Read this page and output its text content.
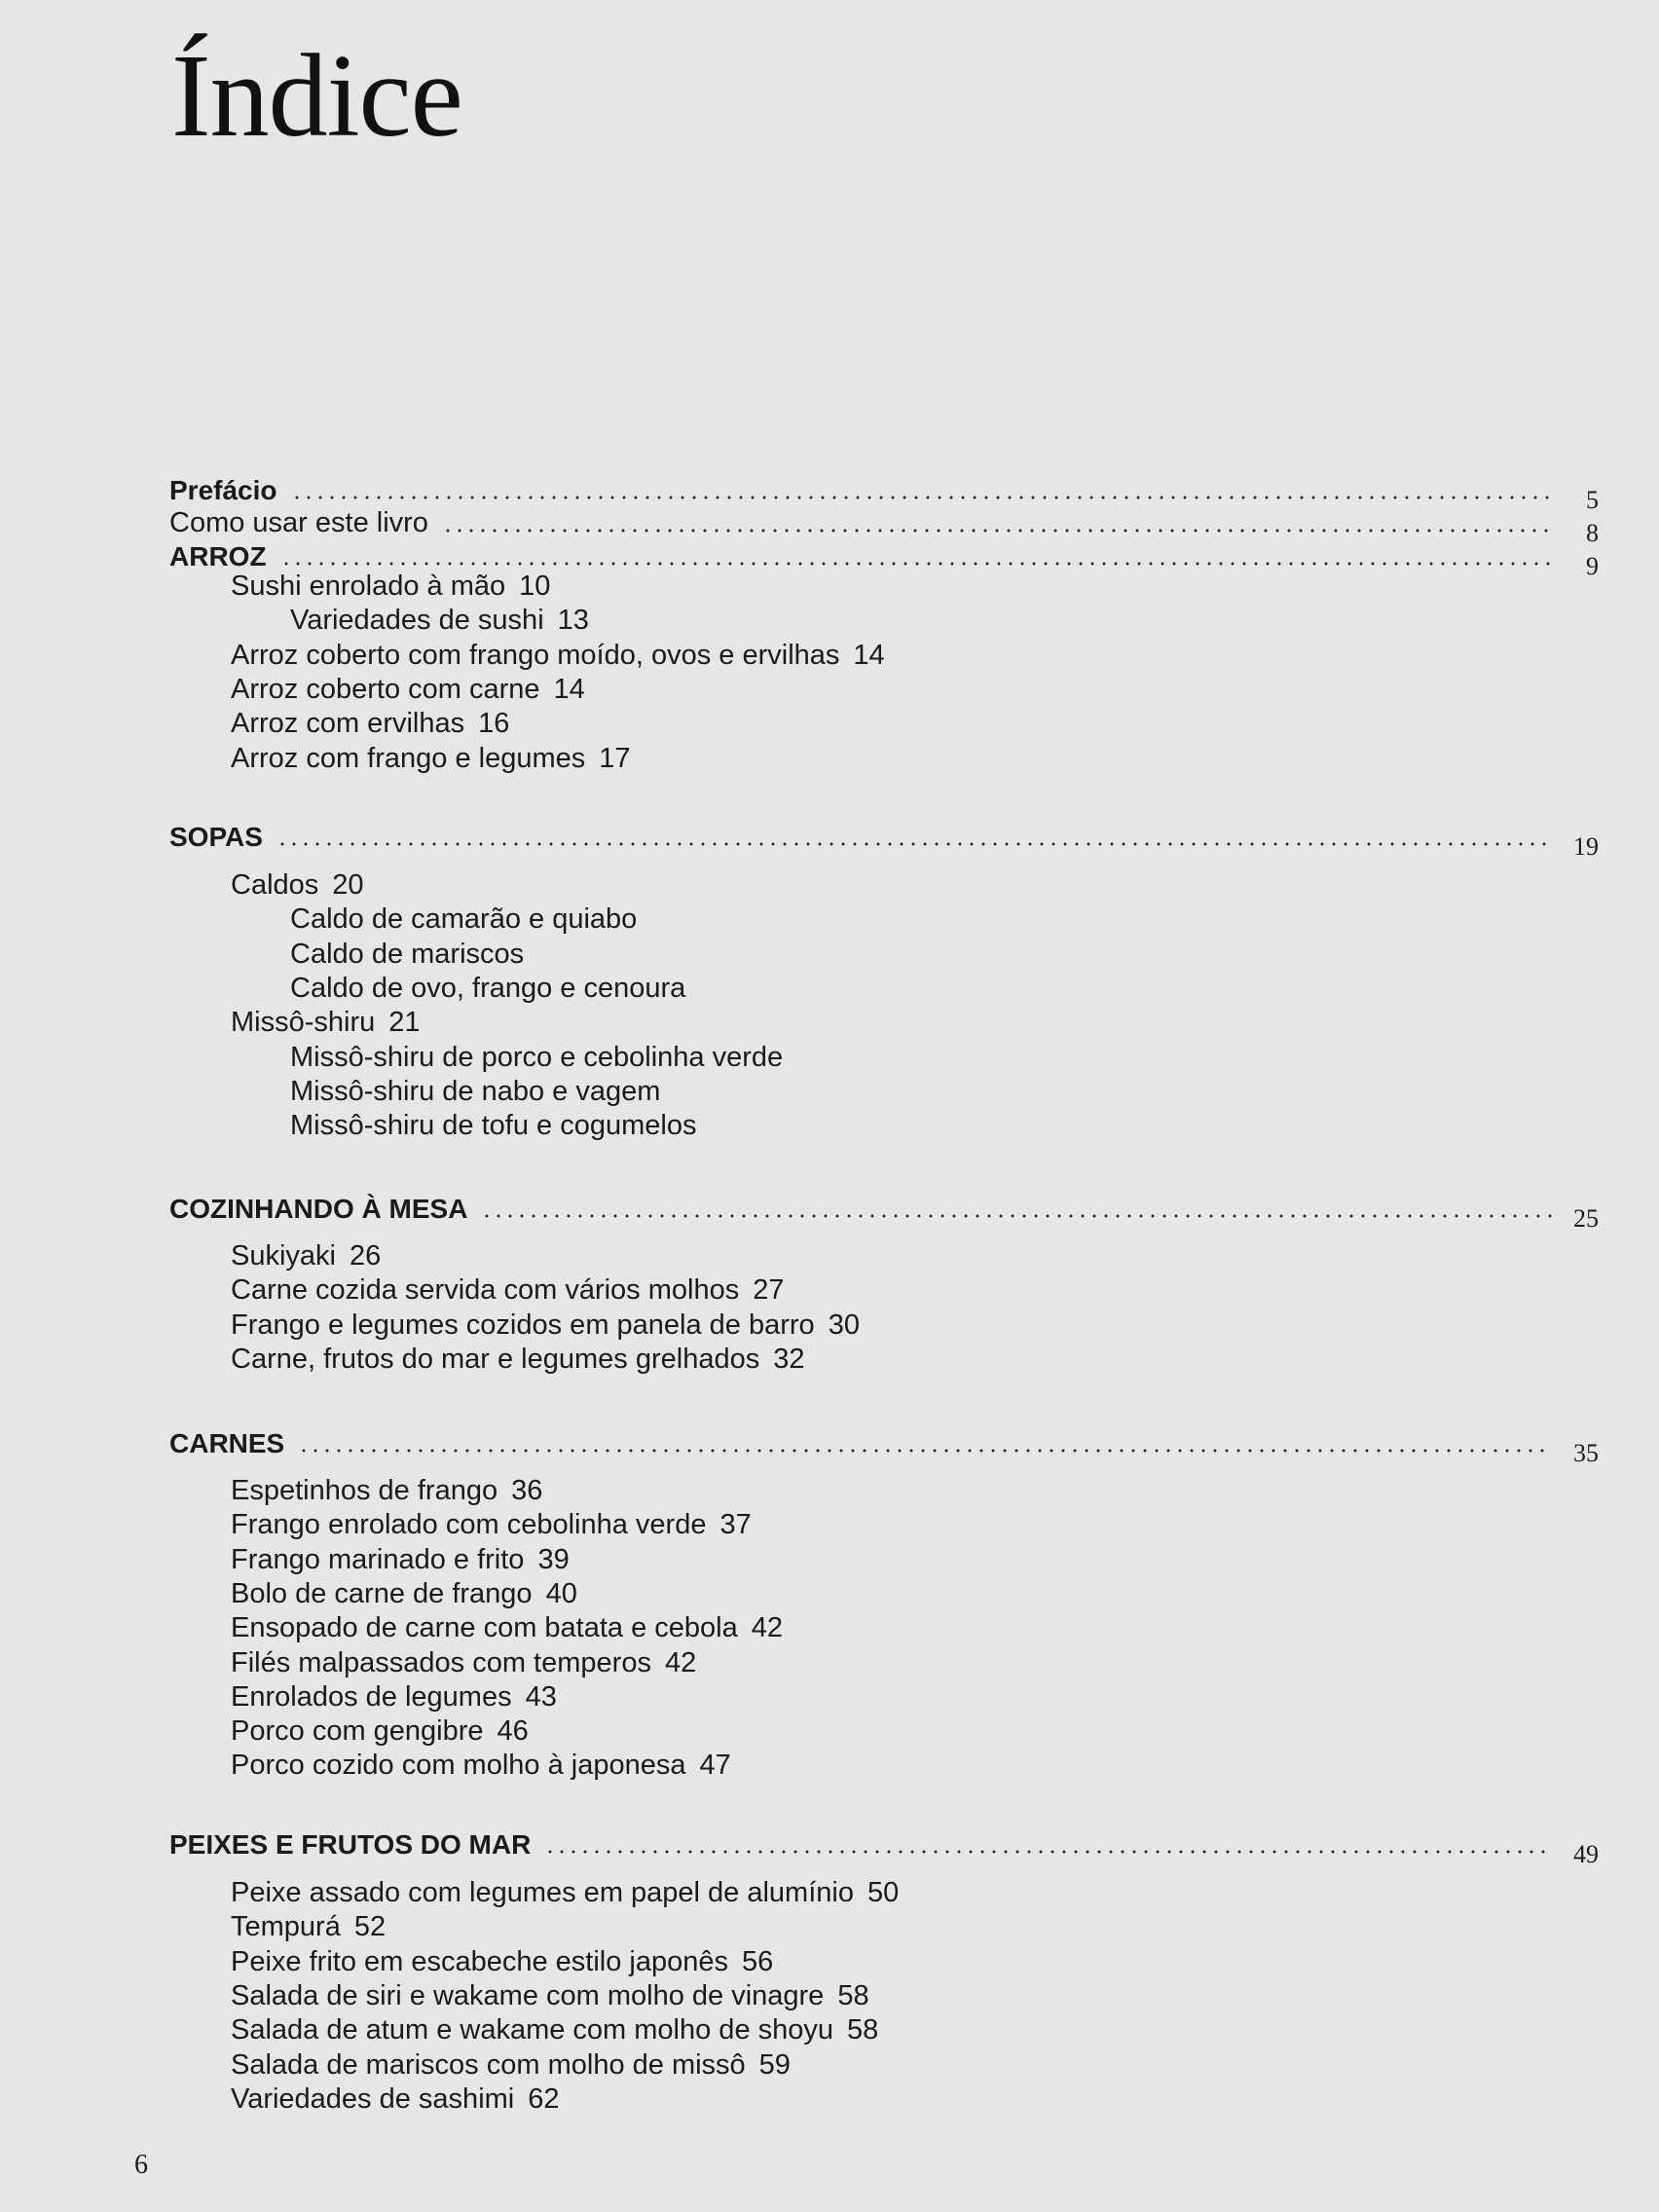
Índice
Prefácio	5
Como usar este livro	8
ARROZ	9
Sushi enrolado à mão 10
Variedades de sushi 13
Arroz coberto com frango moído, ovos e ervilhas 14
Arroz coberto com carne 14
Arroz com ervilhas 16
Arroz com frango e legumes 17
SOPAS	19
Caldos 20
Caldo de camarão e quiabo
Caldo de mariscos
Caldo de ovo, frango e cenoura
Missô-shiru 21
Missô-shiru de porco e cebolinha verde
Missô-shiru de nabo e vagem
Missô-shiru de tofu e cogumelos
COZINHANDO À MESA	25
Sukiyaki 26
Carne cozida servida com vários molhos 27
Frango e legumes cozidos em panela de barro 30
Carne, frutos do mar e legumes grelhados 32
CARNES	35
Espetinhos de frango 36
Frango enrolado com cebolinha verde 37
Frango marinado e frito 39
Bolo de carne de frango 40
Ensopado de carne com batata e cebola 42
Filés malpassados com temperos 42
Enrolados de legumes 43
Porco com gengibre 46
Porco cozido com molho à japonesa 47
PEIXES E FRUTOS DO MAR	49
Peixe assado com legumes em papel de alumínio 50
Tempurá 52
Peixe frito em escabeche estilo japonês 56
Salada de siri e wakame com molho de vinagre 58
Salada de atum e wakame com molho de shoyu 58
Salada de mariscos com molho de missô 59
Variedades de sashimi 62
6
